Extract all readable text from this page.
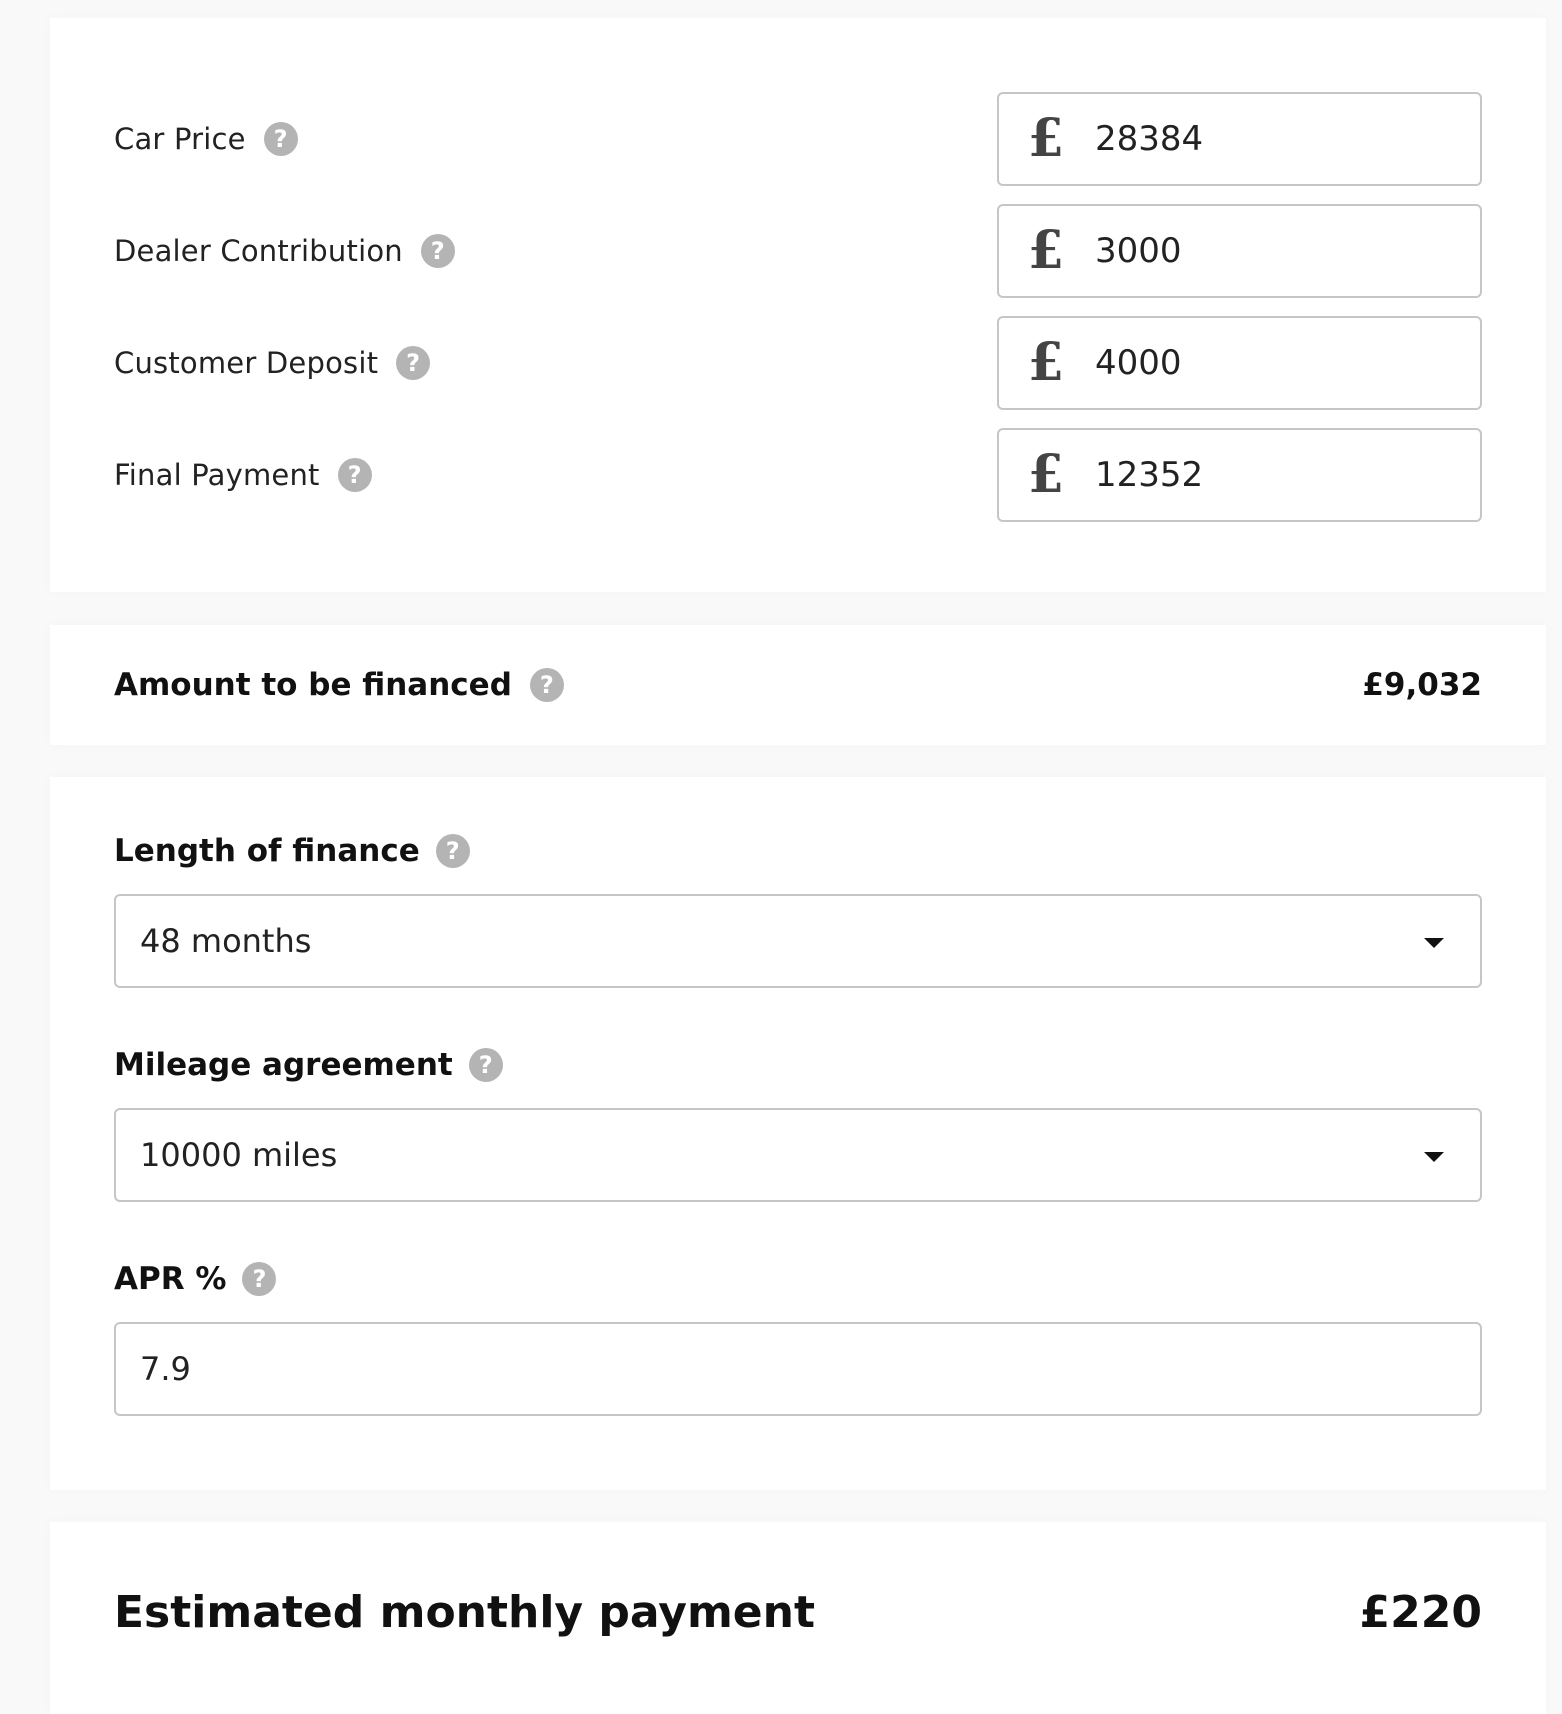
Car Price	?	£ 28384
Dealer Contribution	?	£ 3000
Customer Deposit	?	£ 4000
Final Payment	?	£ 12352
Amount to be financed	?	£9,032
Length of finance	?
48 months
Mileage agreement	?
10000 miles
APR %	?
7.9
Estimated monthly payment	£220
